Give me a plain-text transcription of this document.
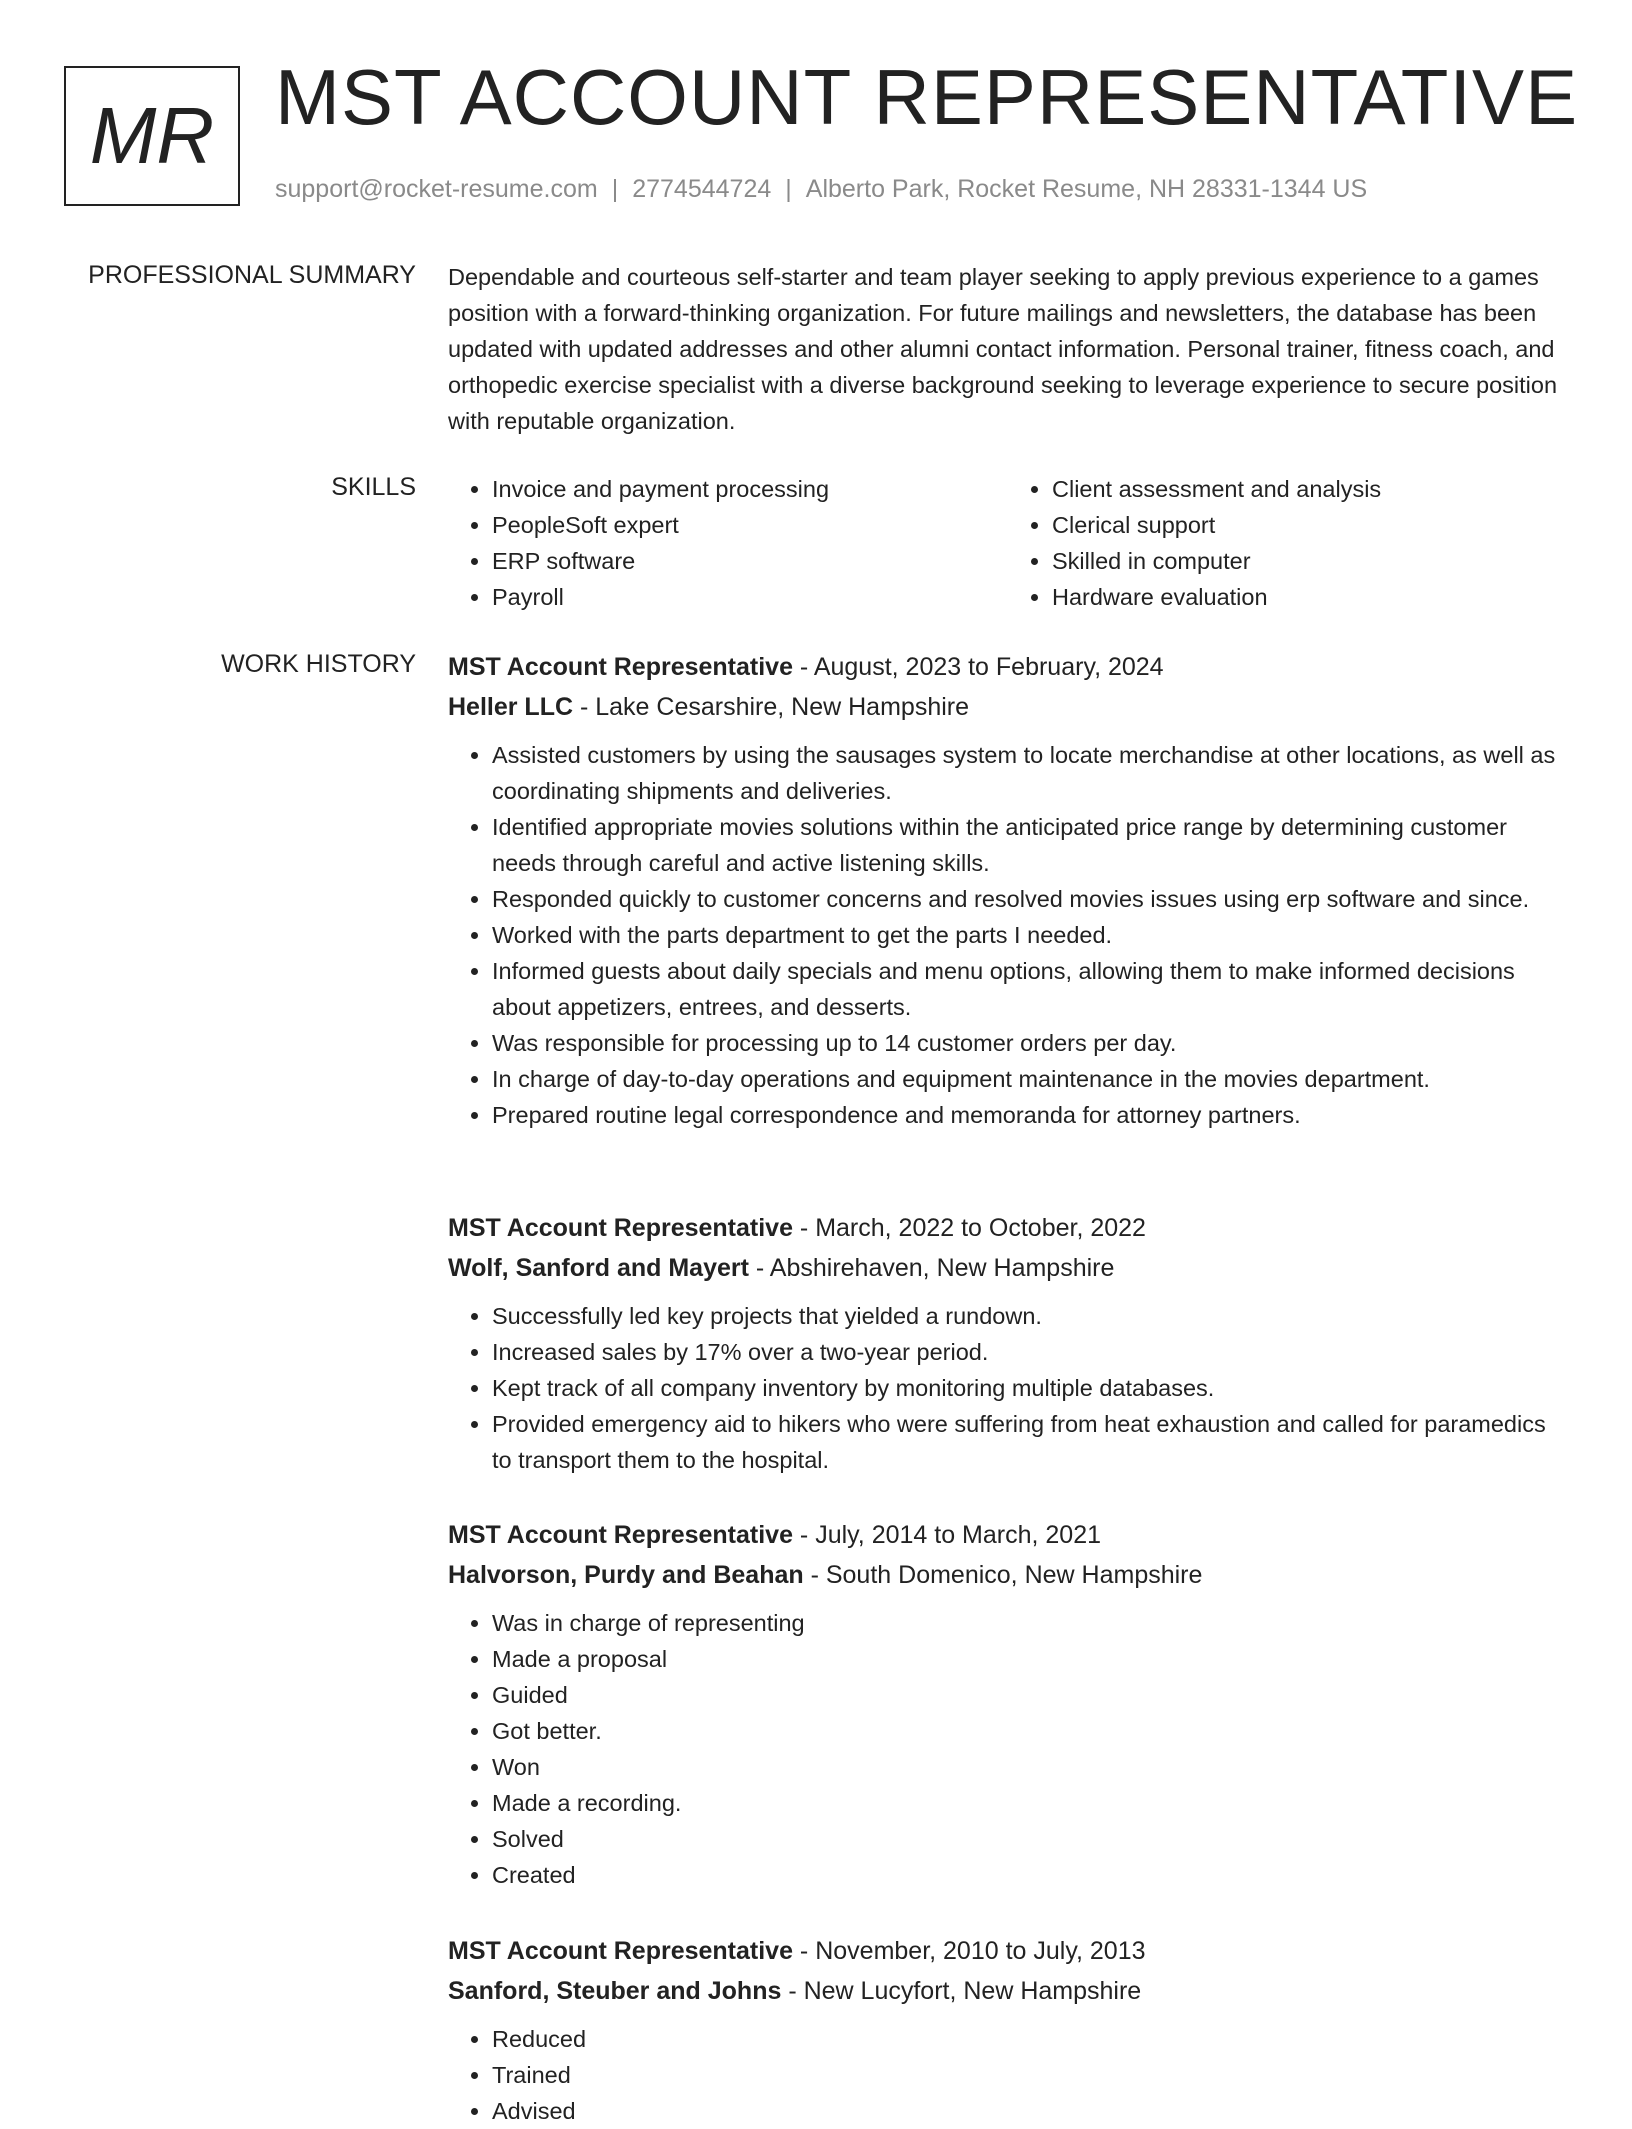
MR MST ACCOUNT REPRESENTATIVE
support@rocket-resume.com | 2774544724 | Alberto Park, Rocket Resume, NH 28331-1344 US
PROFESSIONAL SUMMARY Dependable and courteous self-starter and team player seeking to apply previous experience to a games position with a forward-thinking organization. For future mailings and newsletters, the database has been updated with updated addresses and other alumni contact information. Personal trainer, fitness coach, and orthopedic exercise specialist with a diverse background seeking to leverage experience to secure position with reputable organization.
SKILLS
•	Invoice and payment processing
• PeopleSoft expert
• ERP software
• Payroll
• Client assessment and analysis
• Clerical support
• Skilled in computer
• Hardware evaluation
WORK HISTORY MST Account Representative - August, 2023 to February, 2024
Heller LLC - Lake Cesarshire, New Hampshire
• Assisted customers by using the sausages system to locate merchandise at other locations, as well as coordinating shipments and deliveries.
• Identified appropriate movies solutions within the anticipated price range by determining customer needs through careful and active listening skills.
• Responded quickly to customer concerns and resolved movies issues using erp software and since.
• Worked with the parts department to get the parts I needed.
• Informed guests about daily specials and menu options, allowing them to make informed decisions about appetizers, entrees, and desserts.
• Was responsible for processing up to 14 customer orders per day.
• In charge of day-to-day operations and equipment maintenance in the movies department.
• Prepared routine legal correspondence and memoranda for attorney partners.
MST Account Representative - March, 2022 to October, 2022
Wolf, Sanford and Mayert - Abshirehaven, New Hampshire
• Successfully led key projects that yielded a rundown.
• Increased sales by 17% over a two-year period.
• Kept track of all company inventory by monitoring multiple databases.
• Provided emergency aid to hikers who were suffering from heat exhaustion and called for paramedics to transport them to the hospital.
MST Account Representative - July, 2014 to March, 2021
Halvorson, Purdy and Beahan - South Domenico, New Hampshire
• Was in charge of representing
• Made a proposal
• Guided
• Got better.
• Won
• Made a recording.
• Solved
• Created
MST Account Representative - November, 2010 to July, 2013
Sanford, Steuber and Johns - New Lucyfort, New Hampshire
• Reduced
• Trained
• Advised
